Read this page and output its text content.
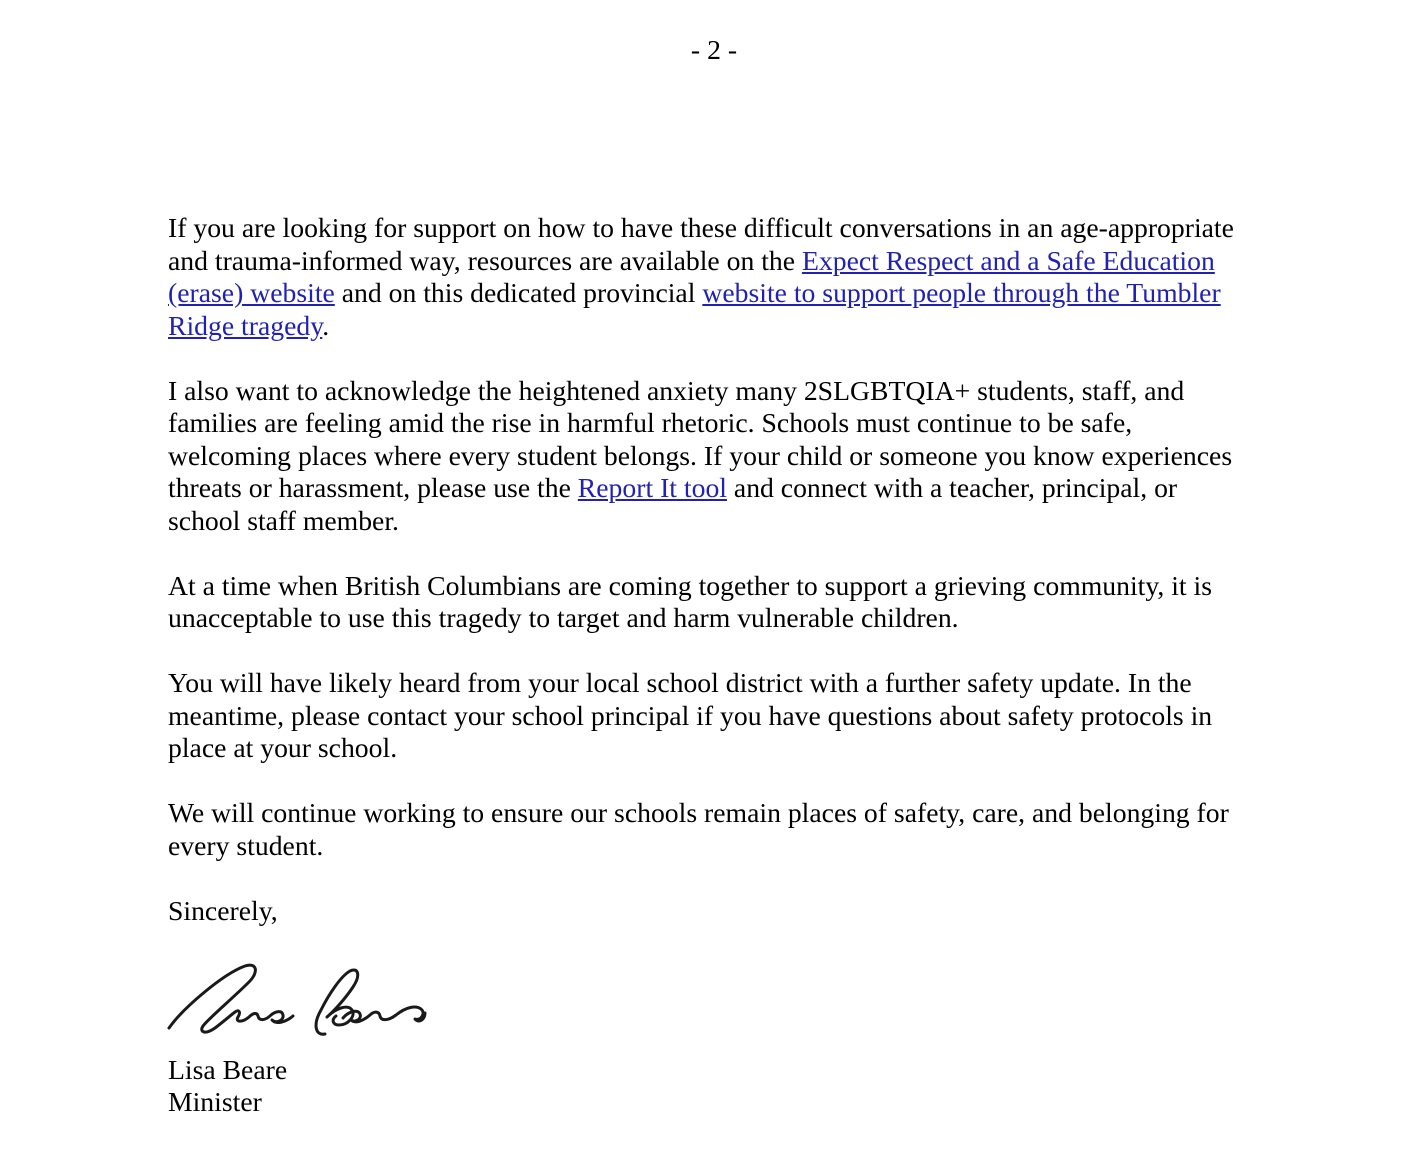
- 2 -

If you are looking for support on how to have these difficult conversations in an age-appropriate and trauma-informed way, resources are available on the Expect Respect and a Safe Education (erase) website and on this dedicated provincial website to support people through the Tumbler Ridge tragedy.

I also want to acknowledge the heightened anxiety many 2SLGBTQIA+ students, staff, and families are feeling amid the rise in harmful rhetoric. Schools must continue to be safe, welcoming places where every student belongs. If your child or someone you know experiences threats or harassment, please use the Report It tool and connect with a teacher, principal, or school staff member.

At a time when British Columbians are coming together to support a grieving community, it is unacceptable to use this tragedy to target and harm vulnerable children.

You will have likely heard from your local school district with a further safety update. In the meantime, please contact your school principal if you have questions about safety protocols in place at your school.

We will continue working to ensure our schools remain places of safety, care, and belonging for every student.

Sincerely,

Lisa Beare
Minister
